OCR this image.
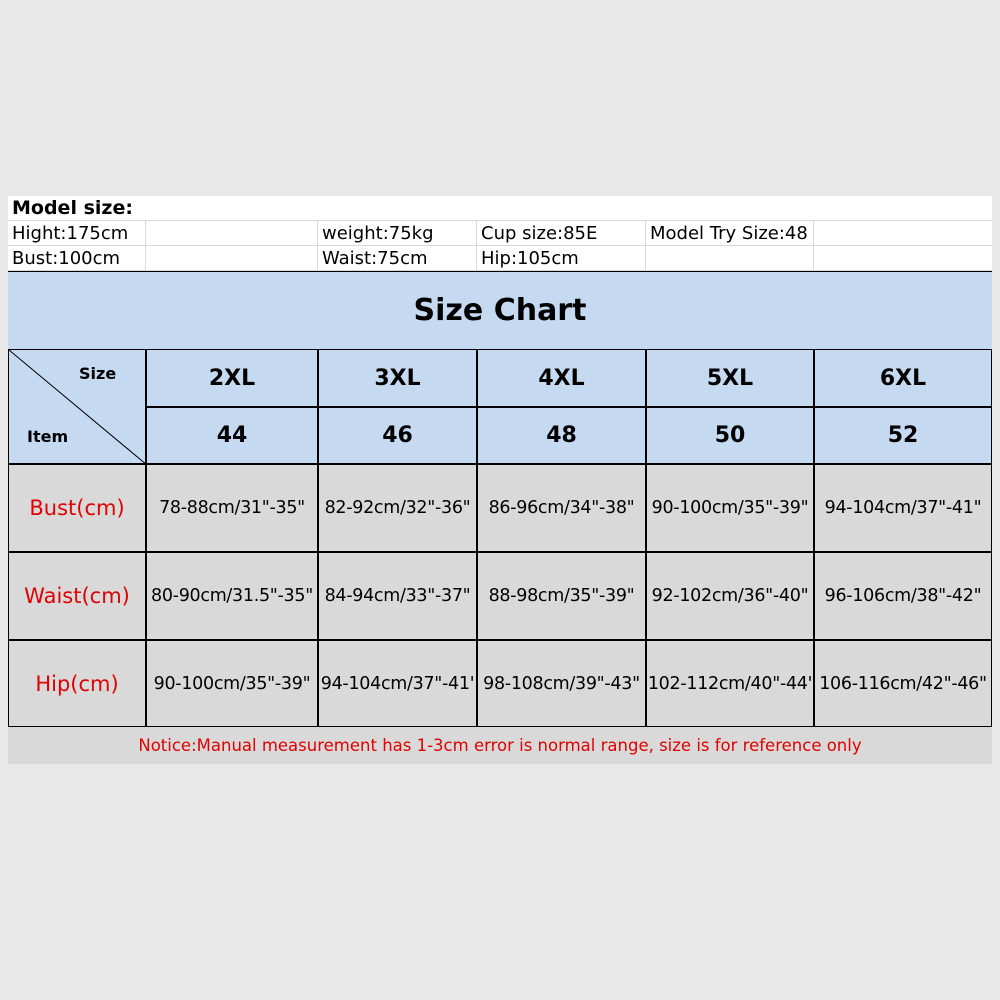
Model size:
Hight:175cm	weight:75kg	Cup size:85E	Model Try Size:48
Bust:100cm	Waist:75cm	Hip:105cm
Size Chart
Size
Item
2XL	3XL	4XL	5XL	6XL
44	46	48	50	52
Bust(cm)	78-88cm/31"-35"	82-92cm/32"-36"	86-96cm/34"-38" 90-100cm/35"-39" 94-104cm/37"-41"
Waist(cm)	80-90cm/31.5"-35" 84-94cm/33"-37"	88-98cm/35"-39" 92-102cm/36"-40" 96-106cm/38"-42"
Hip(cm)	90-100cm/35"-39" 94-104cm/37"-41' 98-108cm/39"-43" 102-112cm/40"-44' 106-116cm/42"-46"
Notice:Manual measurement has 1-3cm error is normal range, size is for reference only
